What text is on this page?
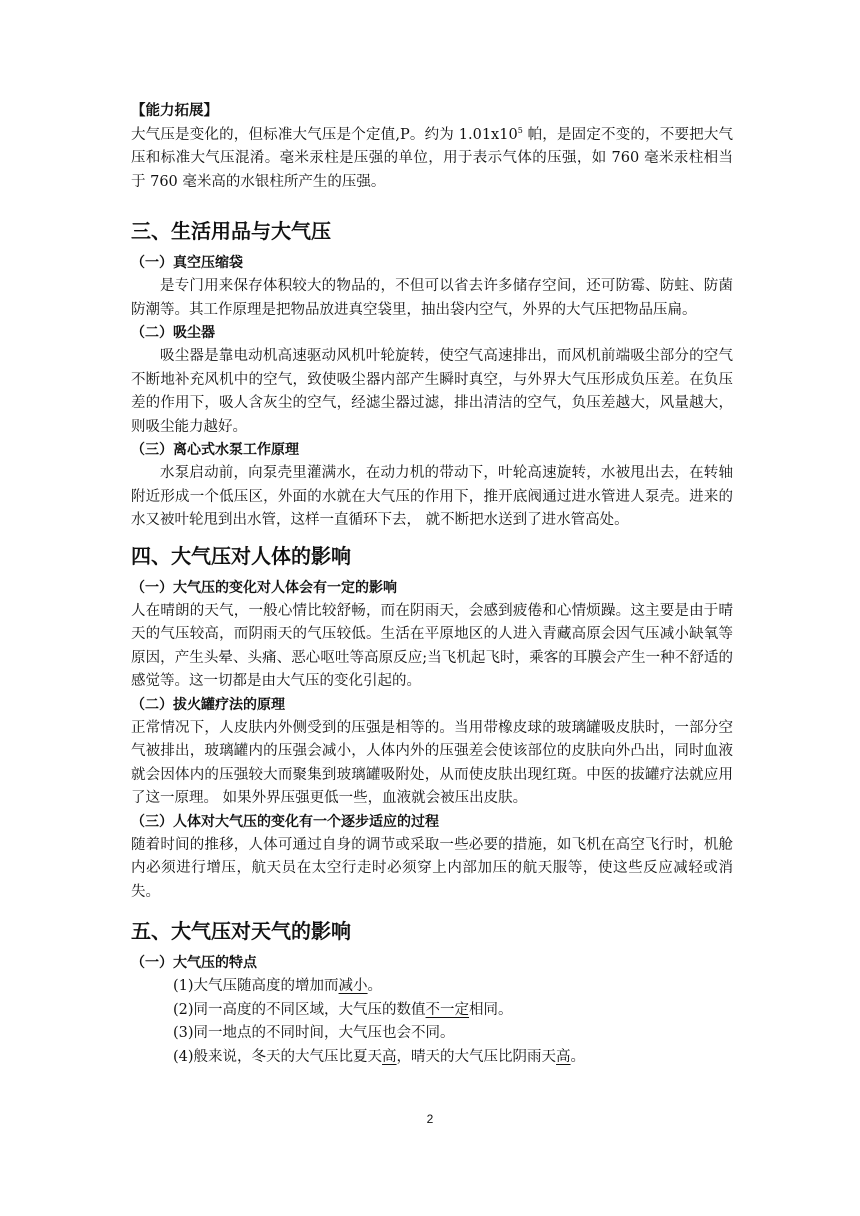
【能力拓展】

大气压是变化的，但标准大气压是个定值,P。约为 $1.01x10^5$ 帕，是固定不变的，不要把大气压和标准大气压混淆。毫米汞柱是压强的单位，用于表示气体的压强，如 760 毫米汞柱相当于 760 毫米高的水银柱所产生的压强。

三、生活用品与大气压

（一）真空压缩袋

是专门用来保存体积较大的物品的，不但可以省去许多储存空间，还可防霉、防蛀、防菌防潮等。其工作原理是把物品放进真空袋里，抽出袋内空气，外界的大气压把物品压扁。

（二）吸尘器

吸尘器是靠电动机高速驱动风机叶轮旋转，使空气高速排出，而风机前端吸尘部分的空气不断地补充风机中的空气，致使吸尘器内部产生瞬时真空，与外界大气压形成负压差。在负压差的作用下，吸人含灰尘的空气，经滤尘器过滤，排出清洁的空气，负压差越大，风量越大，则吸尘能力越好。

（三）离心式水泵工作原理

水泵启动前，向泵壳里灌满水，在动力机的带动下，叶轮高速旋转，水被甩出去，在转轴附近形成一个低压区，外面的水就在大气压的作用下，推开底阀通过进水管进人泵壳。进来的水又被叶轮甩到出水管，这样一直循环下去， 就不断把水送到了进水管高处。

四、大气压对人体的影响

（一）大气压的变化对人体会有一定的影响

人在晴朗的天气，一般心情比较舒畅，而在阴雨天，会感到疲倦和心情烦躁。这主要是由于晴天的气压较高，而阴雨天的气压较低。生活在平原地区的人进入青藏高原会因气压减小缺氧等原因，产生头晕、头痛、恶心呕吐等高原反应;当飞机起飞时，乘客的耳膜会产生一种不舒适的感觉等。这一切都是由大气压的变化引起的。

（二）拔火罐疗法的原理

正常情况下，人皮肤内外侧受到的压强是相等的。当用带橡皮球的玻璃罐吸皮肤时，一部分空气被排出，玻璃罐内的压强会减小，人体内外的压强差会使该部位的皮肤向外凸出，同时血液就会因体内的压强较大而聚集到玻璃罐吸附处，从而使皮肤出现红斑。中医的拔罐疗法就应用了这一原理。 如果外界压强更低一些，血液就会被压出皮肤。

（三）人体对大气压的变化有一个逐步适应的过程

随着时间的推移，人体可通过自身的调节或采取一些必要的措施，如飞机在高空飞行时，机舱内必须进行增压，航天员在太空行走时必须穿上内部加压的航天服等，使这些反应减轻或消失。

五、大气压对天气的影响

（一）大气压的特点

(1)大气压随高度的增加而减小。

(2)同一高度的不同区域，大气压的数值不一定相同。

(3)同一地点的不同时间，大气压也会不同。

(4)般来说，冬天的大气压比夏天高，晴天的大气压比阴雨天高。

2
